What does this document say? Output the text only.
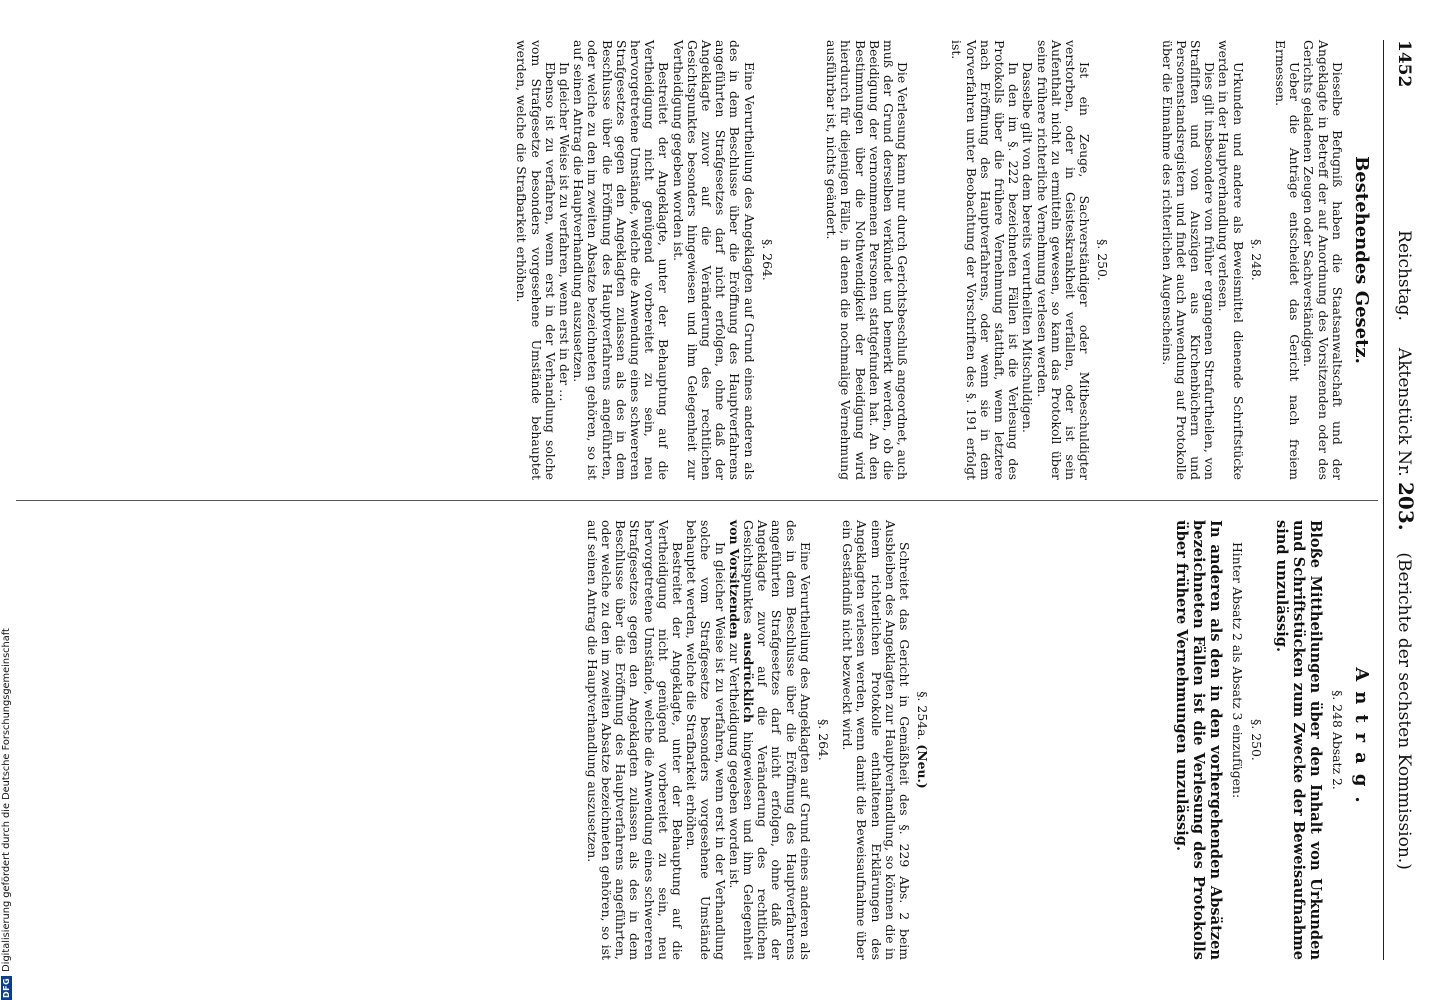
1452
Reichstag.     Aktenstück Nr. 203.    (Berichte der sechsten Kommission.)
Bestehendes Gesetz.

Dieselbe Befugniß haben die Staatsanwaltschaft und der Angeklagte in Betreff der auf Anordnung des Vorsitzenden oder des Gerichts geladenen Zeugen oder Sachverständigen.

Ueber die Anträge entscheidet das Gericht nach freiem Ermessen.

§. 248.

Urkunden und andere als Beweismittel dienende Schriftstücke werden in der Hauptverhandlung verlesen.

Dies gilt insbesondere von früher ergangenen Strafurtheilen, von Strafliften und von Auszügen aus Kirchenbüchern und Personenstandsregistern und findet auch Anwendung auf Protokolle über die Einnahme des richterlichen Augenscheins.

§. 250.

Ist ein Zeuge, Sachverständiger oder Mitbeschuldigter verstorben, oder in Geisteskrankheit verfallen, oder ist sein Aufenthalt nicht zu ermitteln gewesen, so kann das Protokoll über seine frühere richterliche Vernehmung verlesen werden.

Dasselbe gilt von dem bereits verurtheilten Mitschuldigen.

In den im §. 222 bezeichneten Fällen ist die Verlesung des Protokolls über die frühere Vernehmung statthaft, wenn letztere nach Eröffnung des Hauptverfahrens, oder wenn sie in dem Vorverfahren unter Beobachtung der Vorschriften des §. 191 erfolgt ist.

Die Verlesung kann nur durch Gerichtsbeschluß angeordnet, auch muß der Grund derselben verkündet und bemerkt werden, ob die Beeidigung der vernommenen Personen stattgefunden hat. An den Bestimmungen über die Nothwendigkeit der Beeidigung wird hierdurch für diejenigen Fälle, in denen die nochmalige Vernehmung ausführbar ist, nichts geändert.

§. 264.

Eine Verurtheilung des Angeklagten auf Grund eines anderen als des in dem Beschlusse über die Eröffnung des Hauptverfahrens angeführten Strafgesetzes darf nicht erfolgen, ohne daß der Angeklagte zuvor auf die Veränderung des rechtlichen Gesichtspunktes besonders hingewiesen und ihm Gelegenheit zur Vertheidigung gegeben worden ist.

Bestreitet der Angeklagte, unter der Behauptung auf die Vertheidigung nicht genügend vorbereitet zu sein, neu hervorgetretene Umstände, welche die Anwendung eines schwereren Strafgesetzes gegen den Angeklagten zulassen als des in dem Beschlusse über die Eröffnung des Hauptverfahrens angeführten, oder welche zu den im zweiten Absatze bezeichneten gehören, so ist auf seinen Antrag die Hauptverhandlung auszusetzen.

In gleicher Weise ist zu verfahren, wenn erst in der …

Ebenso ist zu verfahren, wenn erst in der Verhandlung solche vom Strafgesetze besonders vorgesehene Umstände behauptet werden, welche die Strafbarkeit erhöhen.

Antrag.
§. 248 Absatz 2.

Bloße Mittheilungen über den Inhalt von Urkunden und Schriftstücken zum Zwecke der Beweisaufnahme sind unzulässig.

§. 250.

Hinter Absatz 2 als Absatz 3 einzufügen:

In anderen als den in den vorhergehenden Absätzen bezeichneten Fällen ist die Verlesung des Protokolls über frühere Vernehmungen unzulässig.

§. 254a. (Neu.)

Schreitet das Gericht in Gemäßheit des §. 229 Abs. 2 beim Ausbleiben des Angeklagten zur Hauptverhandlung, so können die in einem richterlichen Protokolle enthaltenen Erklärungen des Angeklagten verlesen werden, wenn damit die Beweisaufnahme über ein Geständniß nicht bezweckt wird.

§. 264.

Eine Verurtheilung des Angeklagten auf Grund eines anderen als des in dem Beschlusse über die Eröffnung des Hauptverfahrens angeführten Strafgesetzes darf nicht erfolgen, ohne daß der Angeklagte zuvor auf die Veränderung des rechtlichen Gesichtspunktes ausdrücklich hingewiesen und ihm Gelegenheit von Vorsitzenden zur Vertheidigung gegeben worden ist.

In gleicher Weise ist zu verfahren, wenn erst in der Verhandlung solche vom Strafgesetze besonders vorgesehene Umstände behauptet werden, welche die Strafbarkeit erhöhen.

Bestreitet der Angeklagte, unter der Behauptung auf die Vertheidigung nicht genügend vorbereitet zu sein, neu hervorgetretene Umstände, welche die Anwendung eines schwereren Strafgesetzes gegen den Angeklagten zulassen als des in dem Beschlusse über die Eröffnung des Hauptverfahrens angeführten, oder welche zu den im zweiten Absatze bezeichneten gehören, so ist auf seinen Antrag die Hauptverhandlung auszusetzen.

DFG
Digitalisierung gefördert durch die Deutsche Forschungsgemeinschaft
